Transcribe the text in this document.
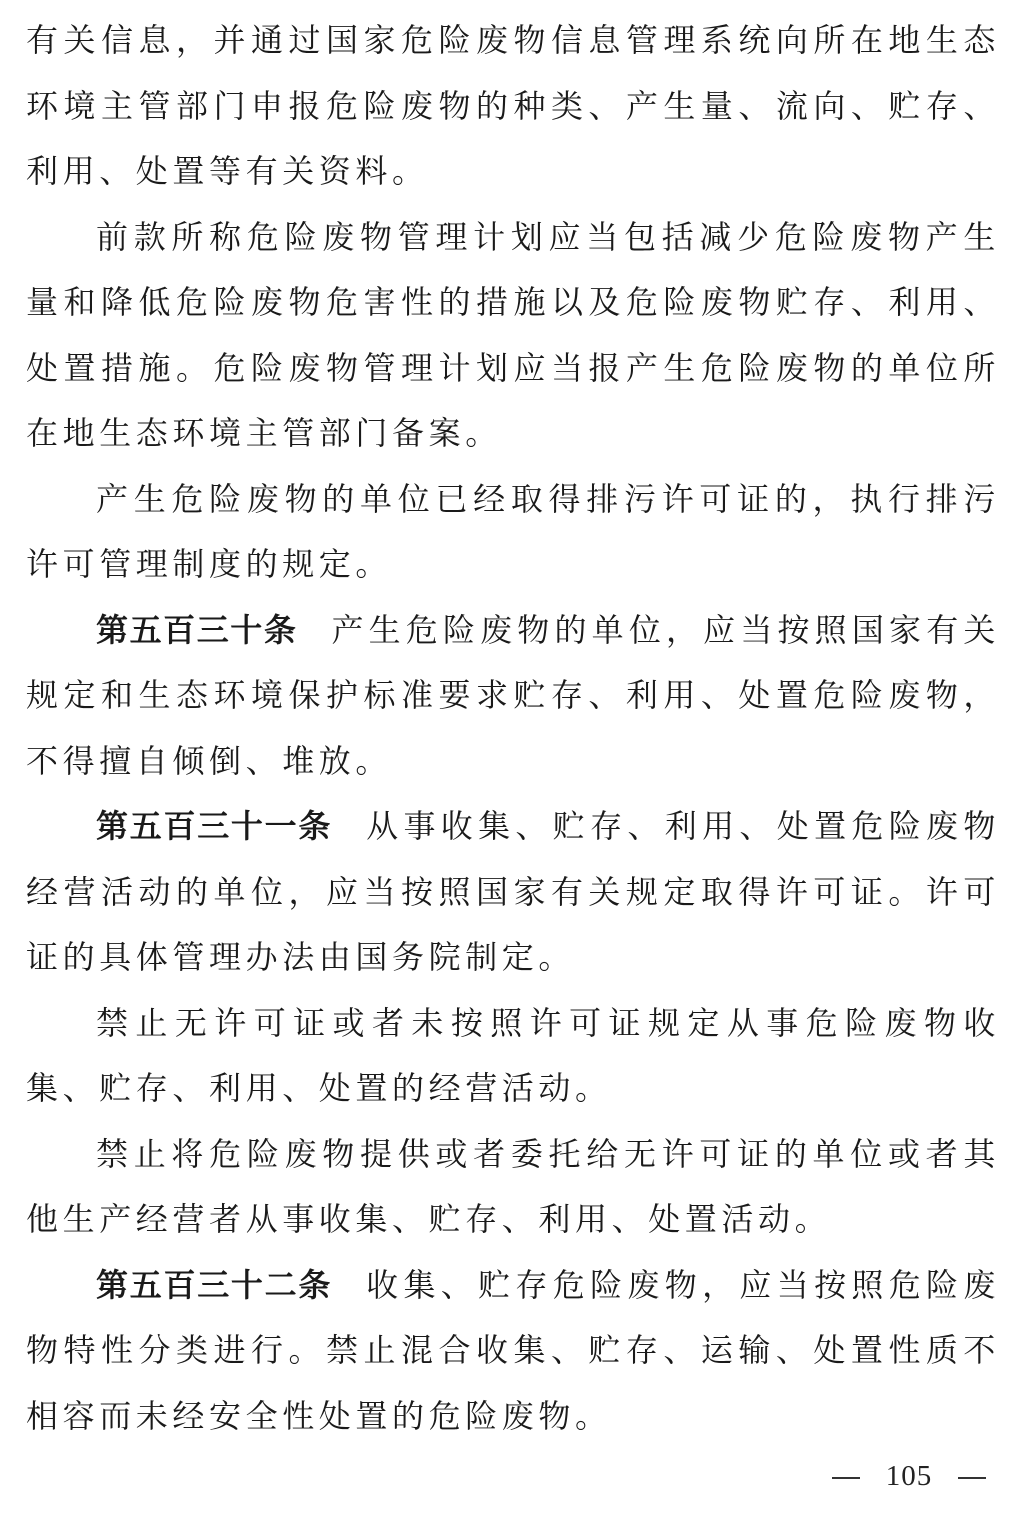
有关信息，并通过国家危险废物信息管理系统向所在地生态环境主管部门申报危险废物的种类、产生量、流向、贮存、利用、处置等有关资料。

前款所称危险废物管理计划应当包括减少危险废物产生量和降低危险废物危害性的措施以及危险废物贮存、利用、处置措施。危险废物管理计划应当报产生危险废物的单位所在地生态环境主管部门备案。

产生危险废物的单位已经取得排污许可证的，执行排污许可管理制度的规定。

第五百三十条 产生危险废物的单位，应当按照国家有关规定和生态环境保护标准要求贮存、利用、处置危险废物，不得擅自倾倒、堆放。

第五百三十一条 从事收集、贮存、利用、处置危险废物经营活动的单位，应当按照国家有关规定取得许可证。许可证的具体管理办法由国务院制定。

禁止无许可证或者未按照许可证规定从事危险废物收集、贮存、利用、处置的经营活动。

禁止将危险废物提供或者委托给无许可证的单位或者其他生产经营者从事收集、贮存、利用、处置活动。

第五百三十二条 收集、贮存危险废物，应当按照危险废物特性分类进行。禁止混合收集、贮存、运输、处置性质不相容而未经安全性处置的危险废物。

105
